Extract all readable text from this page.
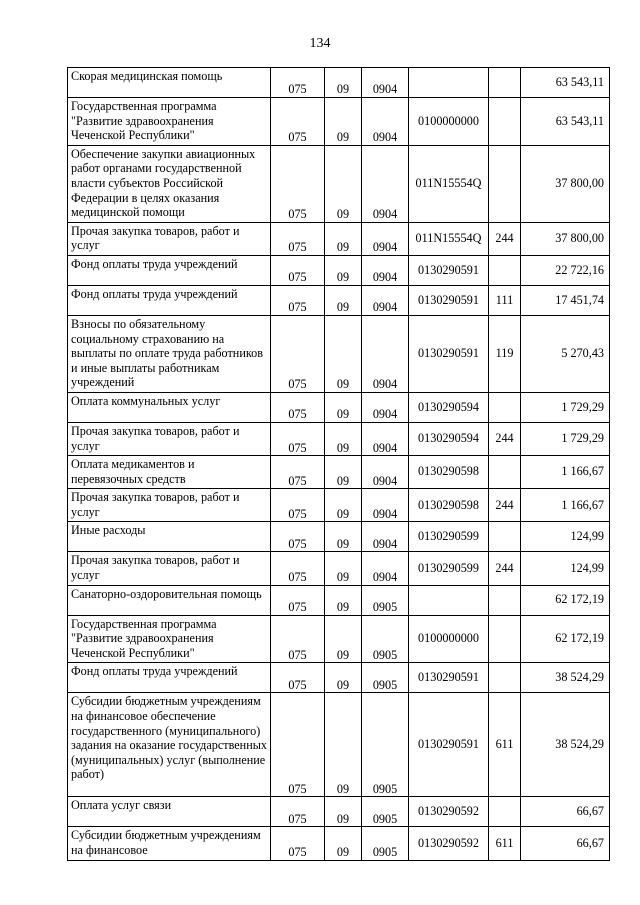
134
Скорая медицинская помощь	075	09	0904			63 543,11
Государственная программа "Развитие здравоохранения Чеченской Республики"	075	09	0904	0100000000		63 543,11
Обеспечение закупки авиационных работ органами государственной власти субъектов Российской Федерации в целях оказания медицинской помощи	075	09	0904	011N15554Q		37 800,00
Прочая закупка товаров, работ и услуг	075	09	0904	011N15554Q	244	37 800,00
Фонд оплаты труда учреждений	075	09	0904	0130290591		22 722,16
Фонд оплаты труда учреждений	075	09	0904	0130290591	111	17 451,74
Взносы по обязательному социальному страхованию на выплаты по оплате труда работников и иные выплаты работникам учреждений	075	09	0904	0130290591	119	5 270,43
Оплата коммунальных услуг	075	09	0904	0130290594		1 729,29
Прочая закупка товаров, работ и услуг	075	09	0904	0130290594	244	1 729,29
Оплата медикаментов и перевязочных средств	075	09	0904	0130290598		1 166,67
Прочая закупка товаров, работ и услуг	075	09	0904	0130290598	244	1 166,67
Иные расходы	075	09	0904	0130290599		124,99
Прочая закупка товаров, работ и услуг	075	09	0904	0130290599	244	124,99
Санаторно-оздоровительная помощь	075	09	0905			62 172,19
Государственная программа "Развитие здравоохранения Чеченской Республики"	075	09	0905	0100000000		62 172,19
Фонд оплаты труда учреждений	075	09	0905	0130290591		38 524,29
Субсидии бюджетным учреждениям на финансовое обеспечение государственного (муниципального) задания на оказание государственных (муниципальных) услуг (выполнение работ)	075	09	0905	0130290591	611	38 524,29
Оплата услуг связи	075	09	0905	0130290592		66,67
Субсидии бюджетным учреждениям на финансовое	075	09	0905	0130290592	611	66,67
